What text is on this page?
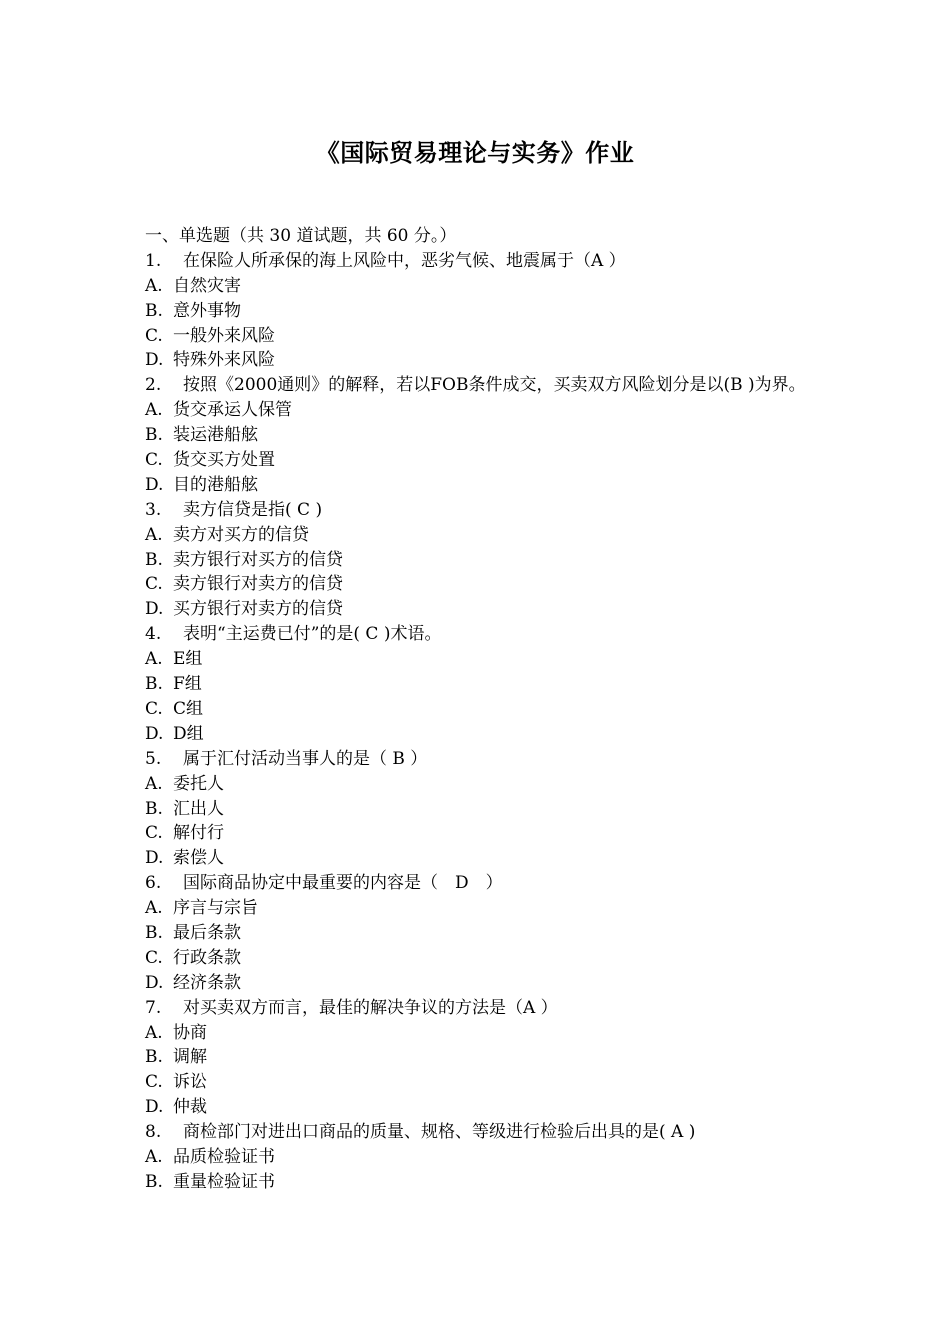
《国际贸易理论与实务》作业
一、单选题（共 30 道试题，共 60 分。）
1. 在保险人所承保的海上风险中，恶劣气候、地震属于（A ）
A. 自然灾害
B. 意外事物
C. 一般外来风险
D. 特殊外来风险
2. 按照《2000通则》的解释，若以FOB条件成交，买卖双方风险划分是以(B )为界。
A. 货交承运人保管
B. 装运港船舷
C. 货交买方处置
D. 目的港船舷
3. 卖方信贷是指( C )
A. 卖方对买方的信贷
B. 卖方银行对买方的信贷
C. 卖方银行对卖方的信贷
D. 买方银行对卖方的信贷
4. 表明“主运费已付”的是( C )术语。
A. E组
B. F组
C. C组
D. D组
5. 属于汇付活动当事人的是（ B ）
A. 委托人
B. 汇出人
C. 解付行
D. 索偿人
6. 国际商品协定中最重要的内容是（　D　）
A. 序言与宗旨
B. 最后条款
C. 行政条款
D. 经济条款
7. 对买卖双方而言，最佳的解决争议的方法是（A ）
A. 协商
B. 调解
C. 诉讼
D. 仲裁
8. 商检部门对进出口商品的质量、规格、等级进行检验后出具的是( A )
A. 品质检验证书
B. 重量检验证书
